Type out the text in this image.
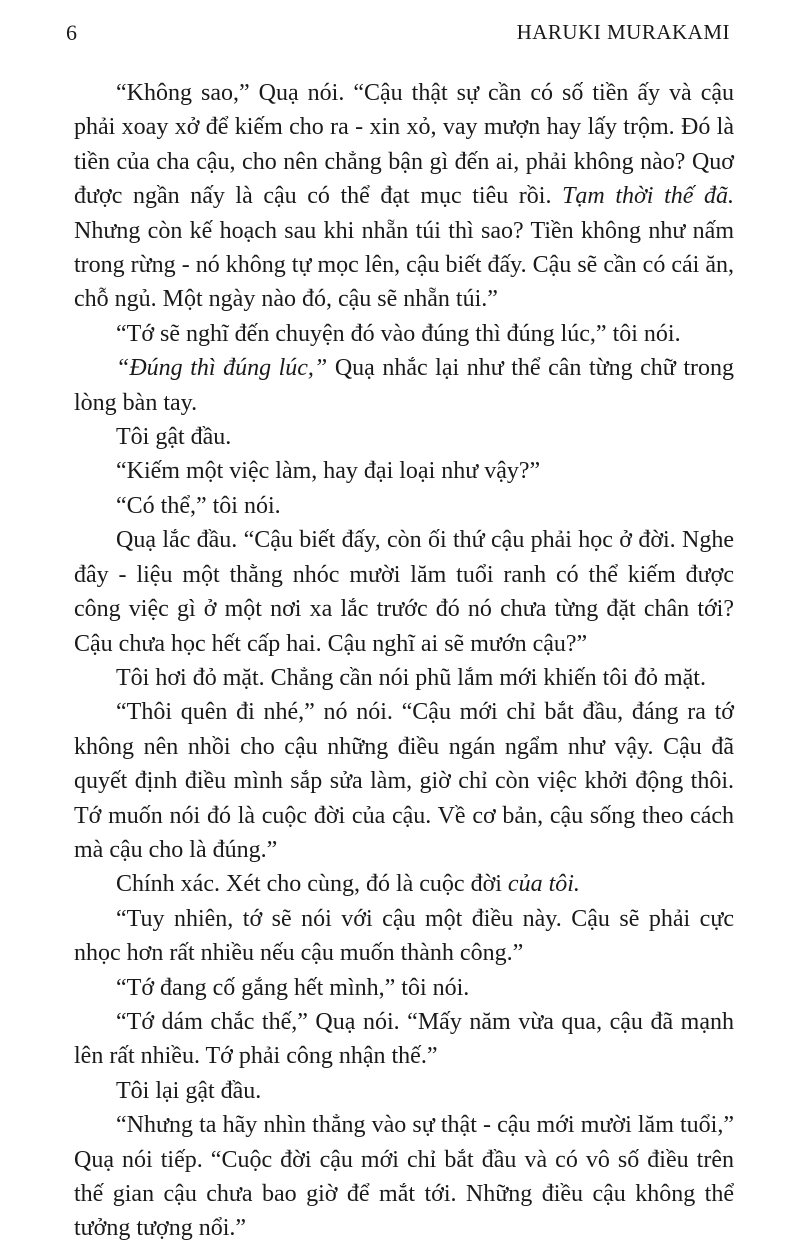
6	HARUKI MURAKAMI

“Không sao,” Quạ nói. “Cậu thật sự cần có số tiền ấy và cậu phải xoay xở để kiếm cho ra - xin xỏ, vay mượn hay lấy trộm. Đó là tiền của cha cậu, cho nên chẳng bận gì đến ai, phải không nào? Quơ được ngần nấy là cậu có thể đạt mục tiêu rồi. Tạm thời thế đã. Nhưng còn kế hoạch sau khi nhẵn túi thì sao? Tiền không như nấm trong rừng - nó không tự mọc lên, cậu biết đấy. Cậu sẽ cần có cái ăn, chỗ ngủ. Một ngày nào đó, cậu sẽ nhẵn túi.”

“Tớ sẽ nghĩ đến chuyện đó vào đúng thì đúng lúc,” tôi nói.

“Đúng thì đúng lúc,” Quạ nhắc lại như thể cân từng chữ trong lòng bàn tay.

Tôi gật đầu.

“Kiếm một việc làm, hay đại loại như vậy?”

“Có thể,” tôi nói.

Quạ lắc đầu. “Cậu biết đấy, còn ối thứ cậu phải học ở đời. Nghe đây - liệu một thằng nhóc mười lăm tuổi ranh có thể kiếm được công việc gì ở một nơi xa lắc trước đó nó chưa từng đặt chân tới? Cậu chưa học hết cấp hai. Cậu nghĩ ai sẽ mướn cậu?”

Tôi hơi đỏ mặt. Chẳng cần nói phũ lắm mới khiến tôi đỏ mặt.

“Thôi quên đi nhé,” nó nói. “Cậu mới chỉ bắt đầu, đáng ra tớ không nên nhồi cho cậu những điều ngán ngẩm như vậy. Cậu đã quyết định điều mình sắp sửa làm, giờ chỉ còn việc khởi động thôi. Tớ muốn nói đó là cuộc đời của cậu. Về cơ bản, cậu sống theo cách mà cậu cho là đúng.”

Chính xác. Xét cho cùng, đó là cuộc đời của tôi.

“Tuy nhiên, tớ sẽ nói với cậu một điều này. Cậu sẽ phải cực nhọc hơn rất nhiều nếu cậu muốn thành công.”

“Tớ đang cố gắng hết mình,” tôi nói.

“Tớ dám chắc thế,” Quạ nói. “Mấy năm vừa qua, cậu đã mạnh lên rất nhiều. Tớ phải công nhận thế.”

Tôi lại gật đầu.

“Nhưng ta hãy nhìn thẳng vào sự thật - cậu mới mười lăm tuổi,” Quạ nói tiếp. “Cuộc đời cậu mới chỉ bắt đầu và có vô số điều trên thế gian cậu chưa bao giờ để mắt tới. Những điều cậu không thể tưởng tượng nổi.”
